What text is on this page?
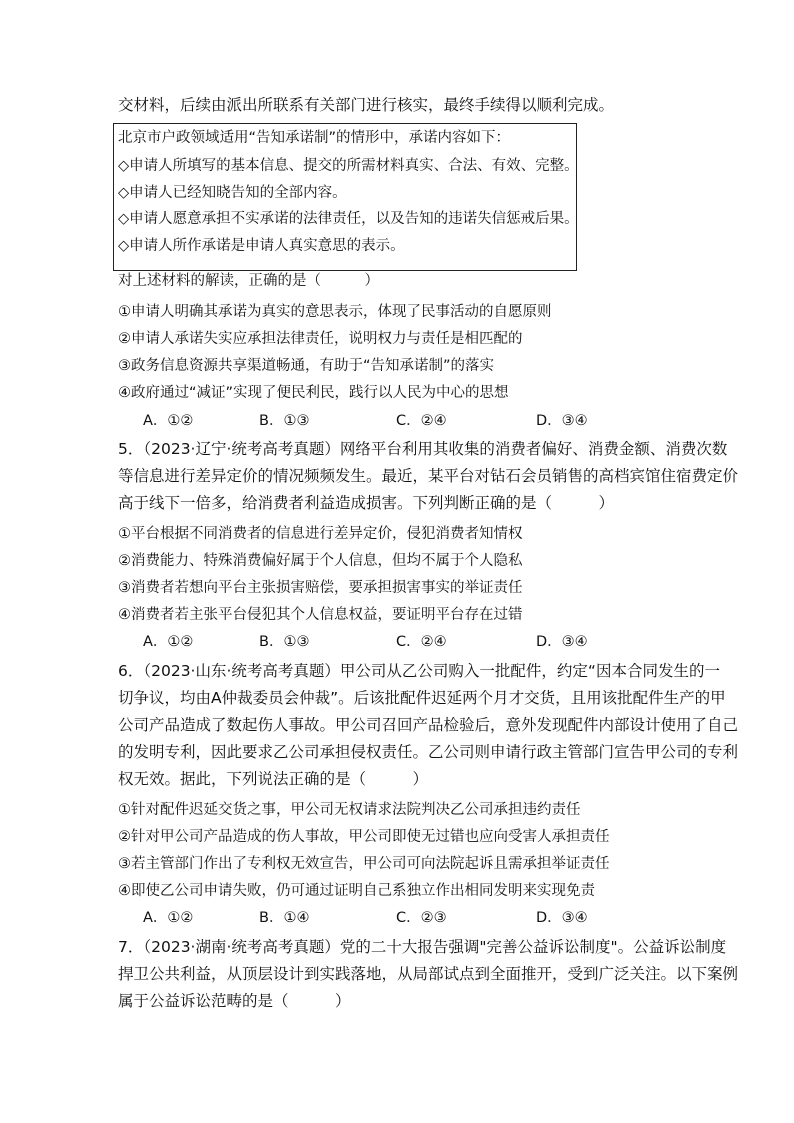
交材料，后续由派出所联系有关部门进行核实，最终手续得以顺利完成。
北京市户政领域适用“告知承诺制”的情形中，承诺内容如下：
◇申请人所填写的基本信息、提交的所需材料真实、合法、有效、完整。
◇申请人已经知晓告知的全部内容。
◇申请人愿意承担不实承诺的法律责任，以及告知的违诺失信惩戒后果。
◇申请人所作承诺是申请人真实意思的表示。
对上述材料的解读，正确的是（　　　）
①申请人明确其承诺为真实的意思表示，体现了民事活动的自愿原则
②申请人承诺失实应承担法律责任，说明权力与责任是相匹配的
③政务信息资源共享渠道畅通，有助于“告知承诺制”的落实
④政府通过“减证”实现了便民利民，践行以人民为中心的思想
A．①②	B．①③	C．②④	D．③④
5．（2023·辽宁·统考高考真题）网络平台利用其收集的消费者偏好、消费金额、消费次数
等信息进行差异定价的情况频频发生。最近，某平台对钻石会员销售的高档宾馆住宿费定价
高于线下一倍多，给消费者利益造成损害。下列判断正确的是（　　　）
①平台根据不同消费者的信息进行差异定价，侵犯消费者知情权
②消费能力、特殊消费偏好属于个人信息，但均不属于个人隐私
③消费者若想向平台主张损害赔偿，要承担损害事实的举证责任
④消费者若主张平台侵犯其个人信息权益，要证明平台存在过错
A．①②	B．①③	C．②④	D．③④
6．（2023·山东·统考高考真题）甲公司从乙公司购入一批配件，约定“因本合同发生的一
切争议，均由A仲裁委员会仲裁”。后该批配件迟延两个月才交货，且用该批配件生产的甲
公司产品造成了数起伤人事故。甲公司召回产品检验后，意外发现配件内部设计使用了自己
的发明专利，因此要求乙公司承担侵权责任。乙公司则申请行政主管部门宣告甲公司的专利
权无效。据此，下列说法正确的是（　　　）
①针对配件迟延交货之事，甲公司无权请求法院判决乙公司承担违约责任
②针对甲公司产品造成的伤人事故，甲公司即使无过错也应向受害人承担责任
③若主管部门作出了专利权无效宣告，甲公司可向法院起诉且需承担举证责任
④即使乙公司申请失败，仍可通过证明自己系独立作出相同发明来实现免责
A．①②	B．①④	C．②③	D．③④
7．（2023·湖南·统考高考真题）党的二十大报告强调"完善公益诉讼制度"。公益诉讼制度
捍卫公共利益，从顶层设计到实践落地，从局部试点到全面推开，受到广泛关注。以下案例
属于公益诉讼范畴的是（　　　）
